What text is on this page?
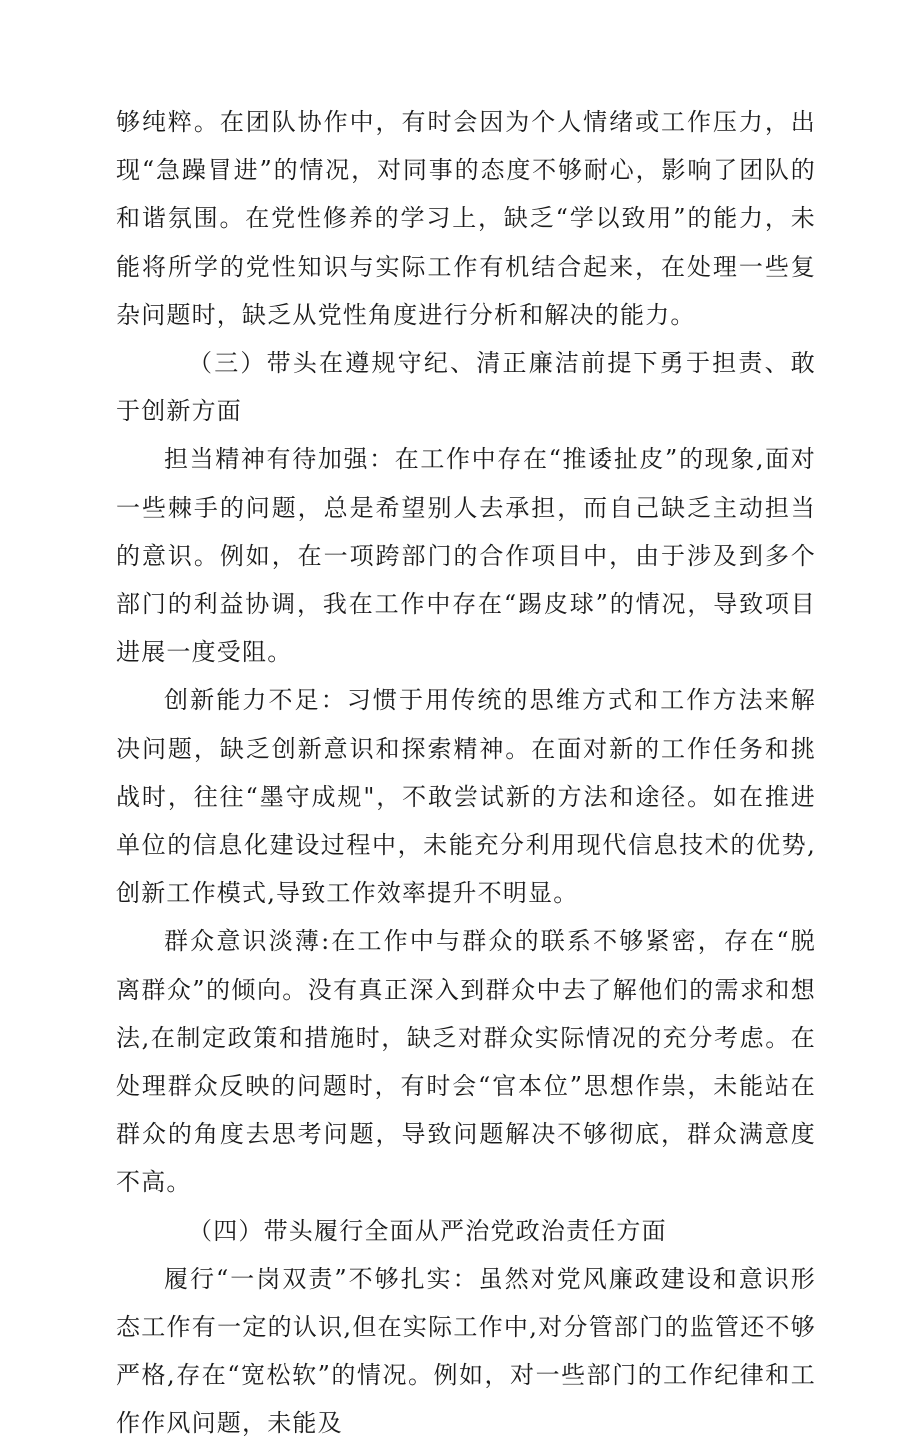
够纯粹。在团队协作中，有时会因为个人情绪或工作压力，出现“急躁冒进”的情况，对同事的态度不够耐心，影响了团队的和谐氛围。在党性修养的学习上，缺乏“学以致用”的能力，未能将所学的党性知识与实际工作有机结合起来，在处理一些复杂问题时，缺乏从党性角度进行分析和解决的能力。

（三）带头在遵规守纪、清正廉洁前提下勇于担责、敢于创新方面

担当精神有待加强：在工作中存在“推诿扯皮”的现象,面对一些棘手的问题，总是希望别人去承担，而自己缺乏主动担当的意识。例如，在一项跨部门的合作项目中，由于涉及到多个部门的利益协调，我在工作中存在“踢皮球”的情况，导致项目进展一度受阻。

创新能力不足：习惯于用传统的思维方式和工作方法来解决问题，缺乏创新意识和探索精神。在面对新的工作任务和挑战时，往往“墨守成规"，不敢尝试新的方法和途径。如在推进单位的信息化建设过程中，未能充分利用现代信息技术的优势,创新工作模式,导致工作效率提升不明显。

群众意识淡薄:在工作中与群众的联系不够紧密，存在“脱离群众”的倾向。没有真正深入到群众中去了解他们的需求和想法,在制定政策和措施时，缺乏对群众实际情况的充分考虑。在处理群众反映的问题时，有时会“官本位”思想作祟，未能站在群众的角度去思考问题，导致问题解决不够彻底，群众满意度不高。

（四）带头履行全面从严治党政治责任方面

履行“一岗双责”不够扎实：虽然对党风廉政建设和意识形态工作有一定的认识,但在实际工作中,对分管部门的监管还不够严格,存在“宽松软”的情况。例如，对一些部门的工作纪律和工作作风问题，未能及
